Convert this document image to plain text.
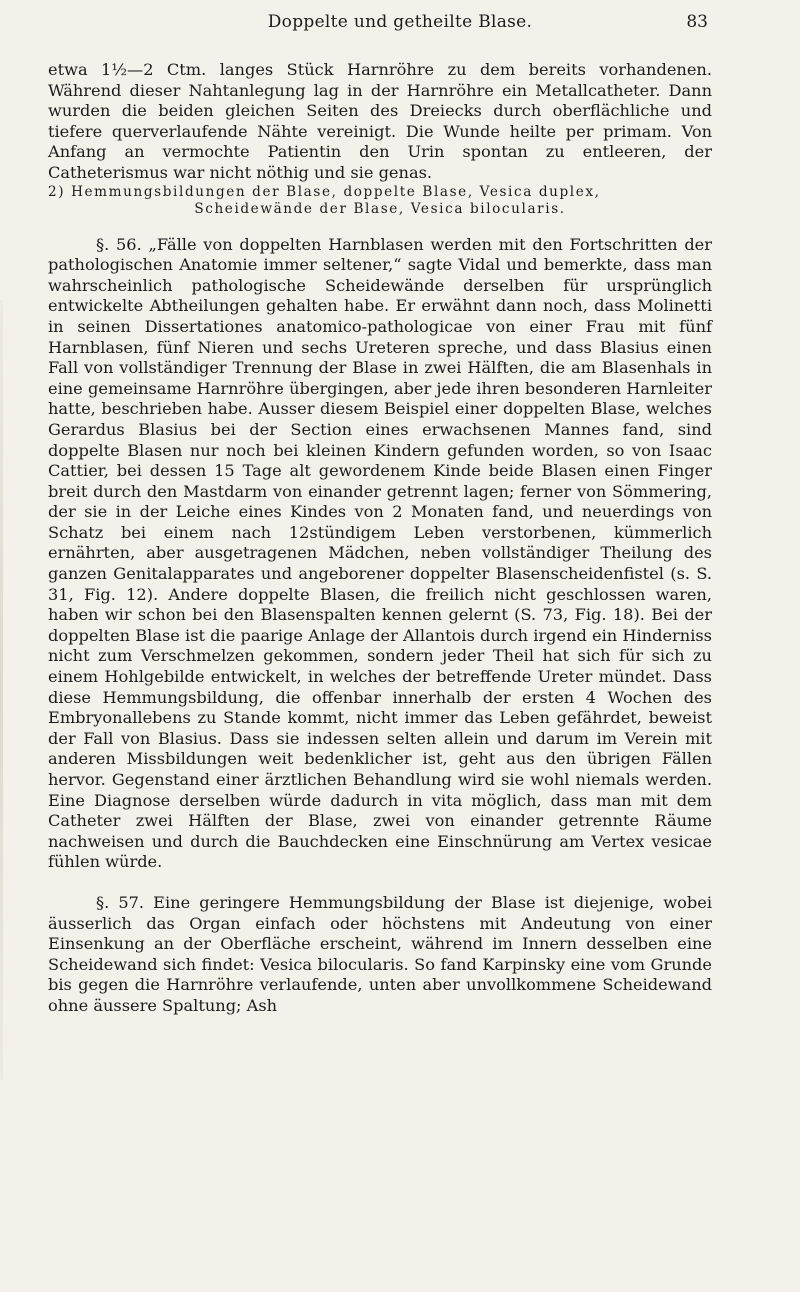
Doppelte und getheilte Blase.	83

etwa 1½—2 Ctm. langes Stück Harnröhre zu dem bereits vorhandenen. Während dieser Nahtanlegung lag in der Harnröhre ein Metallcatheter. Dann wurden die beiden gleichen Seiten des Dreiecks durch oberflächliche und tiefere querverlaufende Nähte vereinigt. Die Wunde heilte per primam. Von Anfang an vermochte Patientin den Urin spontan zu entleeren, der Catheterismus war nicht nöthig und sie genas.

2) Hemmungsbildungen der Blase, doppelte Blase, Vesica duplex,
Scheidewände der Blase, Vesica bilocularis.

§. 56. „Fälle von doppelten Harnblasen werden mit den Fortschritten der pathologischen Anatomie immer seltener,“ sagte Vidal und bemerkte, dass man wahrscheinlich pathologische Scheidewände derselben für ursprünglich entwickelte Abtheilungen gehalten habe. Er erwähnt dann noch, dass Molinetti in seinen Dissertationes anatomico-pathologicae von einer Frau mit fünf Harnblasen, fünf Nieren und sechs Ureteren spreche, und dass Blasius einen Fall von vollständiger Trennung der Blase in zwei Hälften, die am Blasenhals in eine gemeinsame Harnröhre übergingen, aber jede ihren besonderen Harnleiter hatte, beschrieben habe. Ausser diesem Beispiel einer doppelten Blase, welches Gerardus Blasius bei der Section eines erwachsenen Mannes fand, sind doppelte Blasen nur noch bei kleinen Kindern gefunden worden, so von Isaac Cattier, bei dessen 15 Tage alt gewordenem Kinde beide Blasen einen Finger breit durch den Mastdarm von einander getrennt lagen; ferner von Sömmering, der sie in der Leiche eines Kindes von 2 Monaten fand, und neuerdings von Schatz bei einem nach 12stündigem Leben verstorbenen, kümmerlich ernährten, aber ausgetragenen Mädchen, neben vollständiger Theilung des ganzen Genitalapparates und angeborener doppelter Blasenscheidenfistel (s. S. 31, Fig. 12). Andere doppelte Blasen, die freilich nicht geschlossen waren, haben wir schon bei den Blasenspalten kennen gelernt (S. 73, Fig. 18). Bei der doppelten Blase ist die paarige Anlage der Allantois durch irgend ein Hinderniss nicht zum Verschmelzen gekommen, sondern jeder Theil hat sich für sich zu einem Hohlgebilde entwickelt, in welches der betreffende Ureter mündet. Dass diese Hemmungsbildung, die offenbar innerhalb der ersten 4 Wochen des Embryonallebens zu Stande kommt, nicht immer das Leben gefährdet, beweist der Fall von Blasius. Dass sie indessen selten allein und darum im Verein mit anderen Missbildungen weit bedenklicher ist, geht aus den übrigen Fällen hervor. Gegenstand einer ärztlichen Behandlung wird sie wohl niemals werden. Eine Diagnose derselben würde dadurch in vita möglich, dass man mit dem Catheter zwei Hälften der Blase, zwei von einander getrennte Räume nachweisen und durch die Bauchdecken eine Einschnürung am Vertex vesicae fühlen würde.

§. 57. Eine geringere Hemmungsbildung der Blase ist diejenige, wobei äusserlich das Organ einfach oder höchstens mit Andeutung von einer Einsenkung an der Oberfläche erscheint, während im Innern desselben eine Scheidewand sich findet: Vesica bilocularis. So fand Karpinsky eine vom Grunde bis gegen die Harnröhre verlaufende, unten aber unvollkommene Scheidewand ohne äussere Spaltung; Ash
